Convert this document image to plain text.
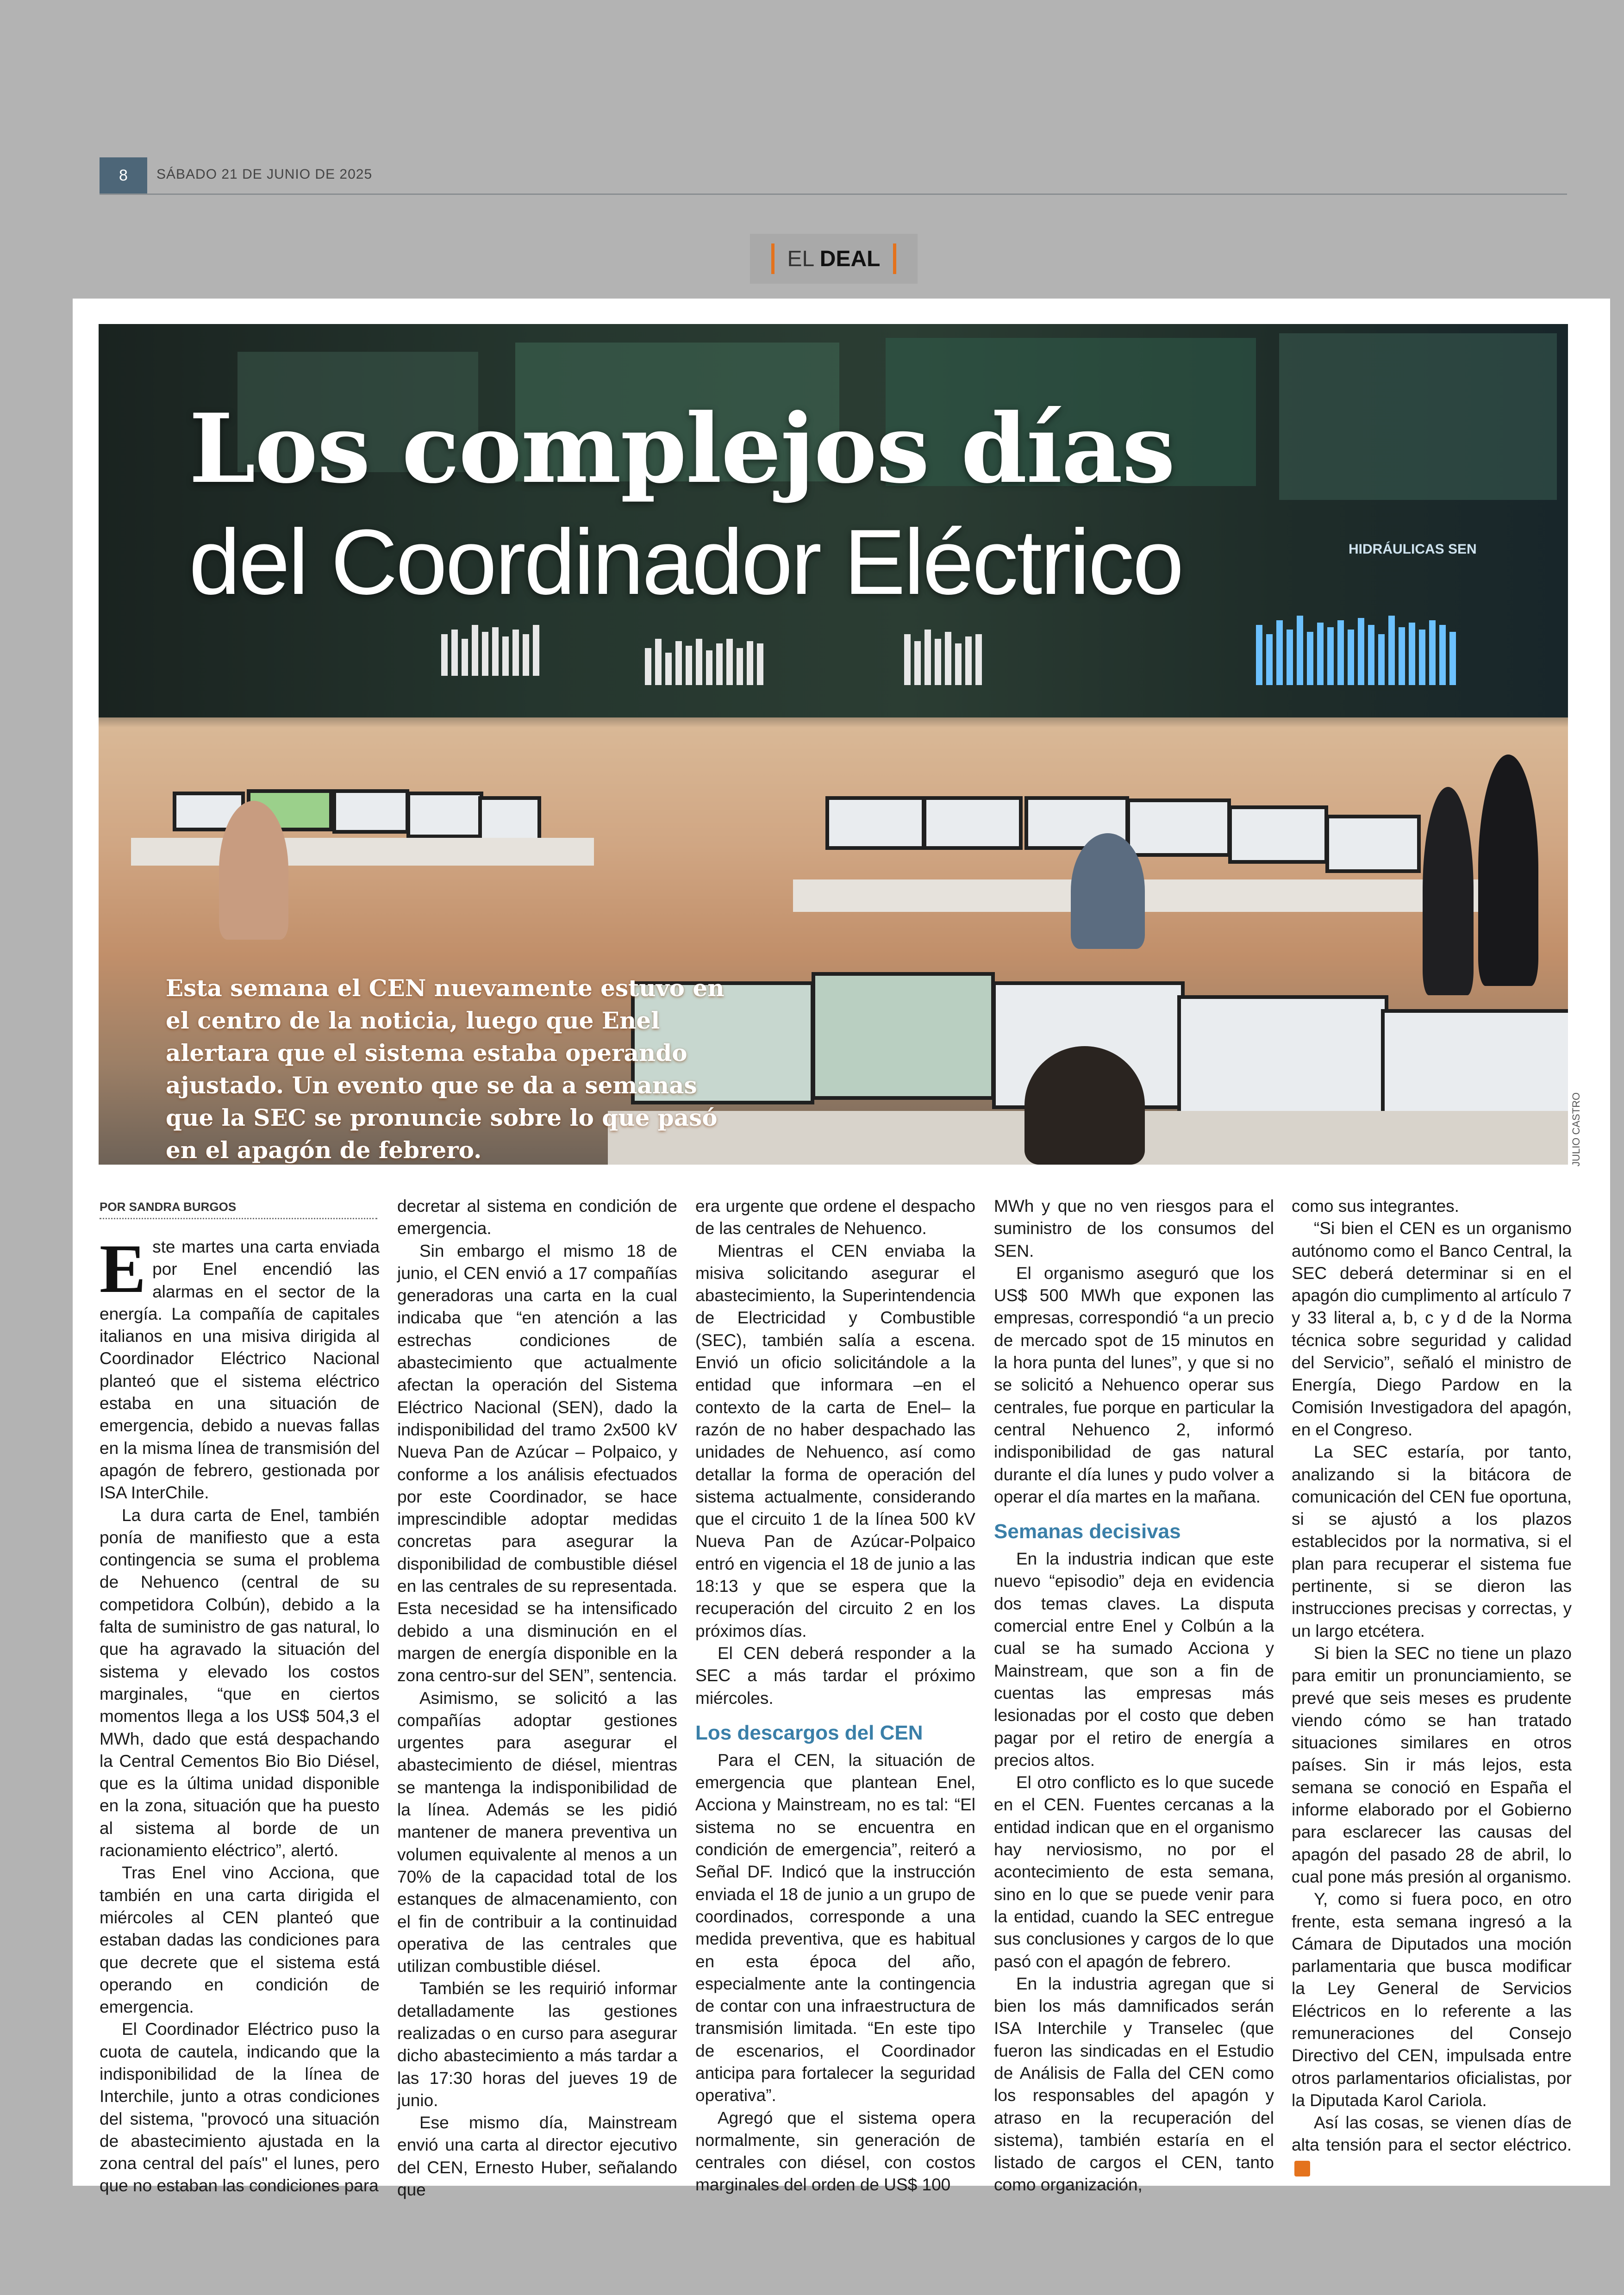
8	SÁBADO 21 DE JUNIO DE 2025
EL DEAL
HIDRÁULICAS SEN
Los complejos días
del Coordinador Eléctrico
Esta semana el CEN nuevamente estuvo en el centro de la noticia, luego que Enel alertara que el sistema estaba operando ajustado. Un evento que se da a semanas que la SEC se pronuncie sobre lo que pasó en el apagón de febrero.	JULIO CASTRO
POR SANDRA BURGOS

Este martes una carta enviada por Enel encendió las alarmas en el sector de la energía. La compañía de capitales italianos en una misiva dirigida al Coordinador Eléctrico Nacional planteó que el sistema eléctrico estaba en una situación de emergencia, debido a nuevas fallas en la misma línea de transmisión del apagón de febrero, gestionada por ISA InterChile.

La dura carta de Enel, también ponía de manifiesto que a esta contingencia se suma el problema de Nehuenco (central de su competidora Colbún), debido a la falta de suministro de gas natural, lo que ha agravado la situación del sistema y elevado los costos marginales, “que en ciertos momentos llega a los US$ 504,3 el MWh, dado que está despachando la Central Cementos Bio Bio Diésel, que es la última unidad disponible en la zona, situación que ha puesto al sistema al borde de un racionamiento eléctrico”, alertó.

Tras Enel vino Acciona, que también en una carta dirigida el miércoles al CEN planteó que estaban dadas las condiciones para que decrete que el sistema está operando en condición de emergencia.

El Coordinador Eléctrico puso la cuota de cautela, indicando que la indisponibilidad de la línea de Interchile, junto a otras condiciones del sistema, "provocó una situación de abastecimiento ajustada en la zona central del país" el lunes, pero que no estaban las condiciones para

decretar al sistema en condición de emergencia.

Sin embargo el mismo 18 de junio, el CEN envió a 17 compañías generadoras una carta en la cual indicaba que “en atención a las estrechas condiciones de abastecimiento que actualmente afectan la operación del Sistema Eléctrico Nacional (SEN), dado la indisponibilidad del tramo 2x500 kV Nueva Pan de Azúcar – Polpaico, y conforme a los análisis efectuados por este Coordinador, se hace imprescindible adoptar medidas concretas para asegurar la disponibilidad de combustible diésel en las centrales de su representada. Esta necesidad se ha intensificado debido a una disminución en el margen de energía disponible en la zona centro-sur del SEN”, sentencia.

Asimismo, se solicitó a las compañías adoptar gestiones urgentes para asegurar el abastecimiento de diésel, mientras se mantenga la indisponibilidad de la línea. Además se les pidió mantener de manera preventiva un volumen equivalente al menos a un 70% de la capacidad total de los estanques de almacenamiento, con el fin de contribuir a la continuidad operativa de las centrales que utilizan combustible diésel.

También se les requirió informar detalladamente las gestiones realizadas o en curso para asegurar dicho abastecimiento a más tardar a las 17:30 horas del jueves 19 de junio.

Ese mismo día, Mainstream envió una carta al director ejecutivo del CEN, Ernesto Huber, señalando que

era urgente que ordene el despacho de las centrales de Nehuenco.

Mientras el CEN enviaba la misiva solicitando asegurar el abastecimiento, la Superintendencia de Electricidad y Combustible (SEC), también salía a escena. Envió un oficio solicitándole a la entidad que informara –en el contexto de la carta de Enel– la razón de no haber despachado las unidades de Nehuenco, así como detallar la forma de operación del sistema actualmente, considerando que el circuito 1 de la línea 500 kV Nueva Pan de Azúcar-Polpaico entró en vigencia el 18 de junio a las 18:13 y que se espera que la recuperación del circuito 2 en los próximos días.

El CEN deberá responder a la SEC a más tardar el próximo miércoles.

Los descargos del CEN

Para el CEN, la situación de emergencia que plantean Enel, Acciona y Mainstream, no es tal: “El sistema no se encuentra en condición de emergencia”, reiteró a Señal DF. Indicó que la instrucción enviada el 18 de junio a un grupo de coordinados, corresponde a una medida preventiva, que es habitual en esta época del año, especialmente ante la contingencia de contar con una infraestructura de transmisión limitada. “En este tipo de escenarios, el Coordinador anticipa para fortalecer la seguridad operativa”.

Agregó que el sistema opera normalmente, sin generación de centrales con diésel, con costos marginales del orden de US$ 100

MWh y que no ven riesgos para el suministro de los consumos del SEN.

El organismo aseguró que los US$ 500 MWh que exponen las empresas, correspondió “a un precio de mercado spot de 15 minutos en la hora punta del lunes”, y que si no se solicitó a Nehuenco operar sus centrales, fue porque en particular la central Nehuenco 2, informó indisponibilidad de gas natural durante el día lunes y pudo volver a operar el día martes en la mañana.

Semanas decisivas

En la industria indican que este nuevo “episodio” deja en evidencia dos temas claves. La disputa comercial entre Enel y Colbún a la cual se ha sumado Acciona y Mainstream, que son a fin de cuentas las empresas más lesionadas por el costo que deben pagar por el retiro de energía a precios altos.

El otro conflicto es lo que sucede en el CEN. Fuentes cercanas a la entidad indican que en el organismo hay nerviosismo, no por el acontecimiento de esta semana, sino en lo que se puede venir para la entidad, cuando la SEC entregue sus conclusiones y cargos de lo que pasó con el apagón de febrero.

En la industria agregan que si bien los más damnificados serán ISA Interchile y Transelec (que fueron las sindicadas en el Estudio de Análisis de Falla del CEN como los responsables del apagón y atraso en la recuperación del sistema), también estaría en el listado de cargos el CEN, tanto como organización,

como sus integrantes.

“Si bien el CEN es un organismo autónomo como el Banco Central, la SEC deberá determinar si en el apagón dio cumplimento al artículo 7 y 33 literal a, b, c y d de la Norma técnica sobre seguridad y calidad del Servicio”, señaló el ministro de Energía, Diego Pardow en la Comisión Investigadora del apagón, en el Congreso.

La SEC estaría, por tanto, analizando si la bitácora de comunicación del CEN fue oportuna, si se ajustó a los plazos establecidos por la normativa, si el plan para recuperar el sistema fue pertinente, si se dieron las instrucciones precisas y correctas, y un largo etcétera.

Si bien la SEC no tiene un plazo para emitir un pronunciamiento, se prevé que seis meses es prudente viendo cómo se han tratado situaciones similares en otros países. Sin ir más lejos, esta semana se conoció en España el informe elaborado por el Gobierno para esclarecer las causas del apagón del pasado 28 de abril, lo cual pone más presión al organismo.

Y, como si fuera poco, en otro frente, esta semana ingresó a la Cámara de Diputados una moción parlamentaria que busca modificar la Ley General de Servicios Eléctricos en lo referente a las remuneraciones del Consejo Directivo del CEN, impulsada entre otros parlamentarios oficialistas, por la Diputada Karol Cariola.

Así las cosas, se vienen días de alta tensión para el sector eléctrico.
